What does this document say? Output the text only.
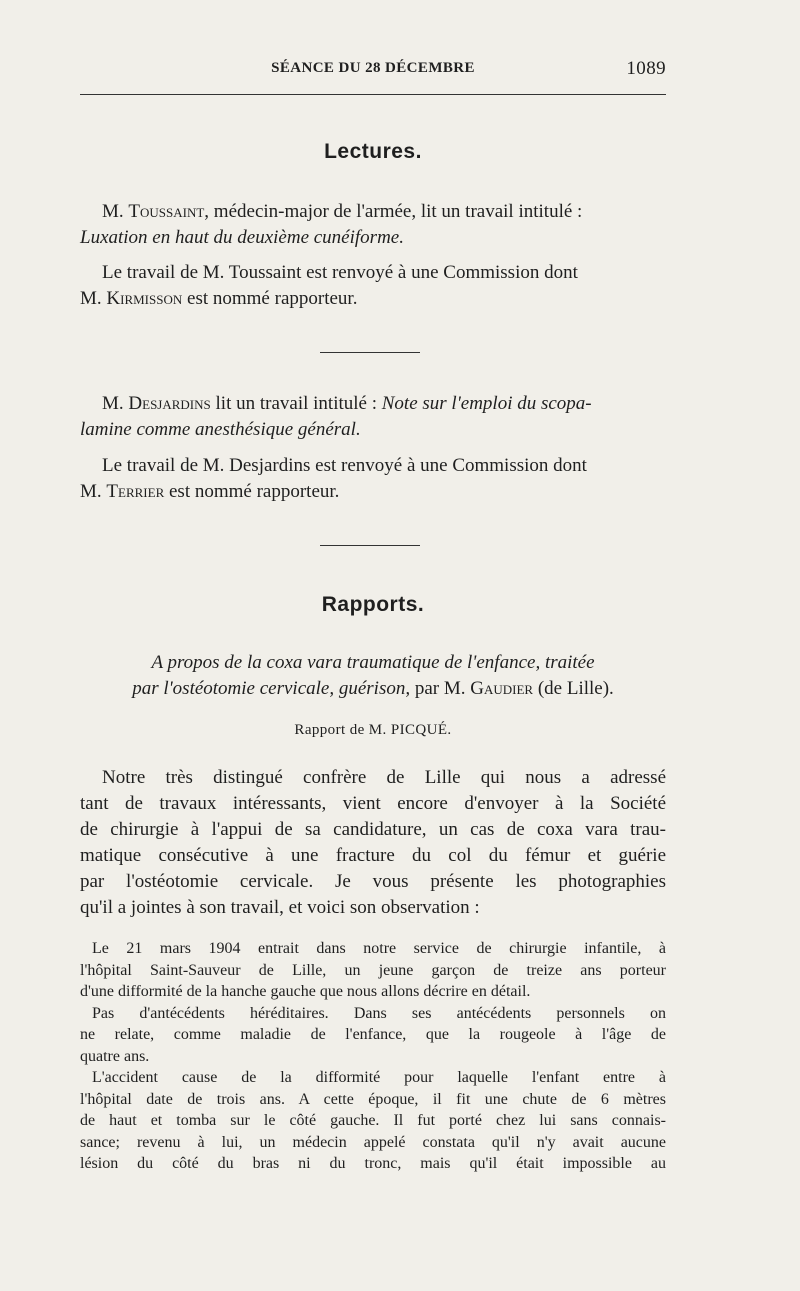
SÉANCE DU 28 DÉCEMBRE	1089
Lectures.
M. Toussaint, médecin-major de l'armée, lit un travail intitulé :
Luxation en haut du deuxième cunéiforme.
Le travail de M. Toussaint est renvoyé à une Commission dont
M. Kirmisson est nommé rapporteur.
M. Desjardins lit un travail intitulé : Note sur l'emploi du scopa-
lamine comme anesthésique général.
Le travail de M. Desjardins est renvoyé à une Commission dont
M. Terrier est nommé rapporteur.
Rapports.
A propos de la coxa vara traumatique de l'enfance, traitée
par l'ostéotomie cervicale, guérison, par M. Gaudier (de Lille).
Rapport de M. PICQUÉ.
Notre très distingué confrère de Lille qui nous a adressé
tant de travaux intéressants, vient encore d'envoyer à la Société
de chirurgie à l'appui de sa candidature, un cas de coxa vara trau-
matique consécutive à une fracture du col du fémur et guérie
par l'ostéotomie cervicale. Je vous présente les photographies
qu'il a jointes à son travail, et voici son observation :
Le 21 mars 1904 entrait dans notre service de chirurgie infantile, à
l'hôpital Saint-Sauveur de Lille, un jeune garçon de treize ans porteur
d'une difformité de la hanche gauche que nous allons décrire en détail.
Pas d'antécédents héréditaires. Dans ses antécédents personnels on
ne relate, comme maladie de l'enfance, que la rougeole à l'âge de
quatre ans.
L'accident cause de la difformité pour laquelle l'enfant entre à
l'hôpital date de trois ans. A cette époque, il fit une chute de 6 mètres
de haut et tomba sur le côté gauche. Il fut porté chez lui sans connais-
sance; revenu à lui, un médecin appelé constata qu'il n'y avait aucune
lésion du côté du bras ni du tronc, mais qu'il était impossible au
